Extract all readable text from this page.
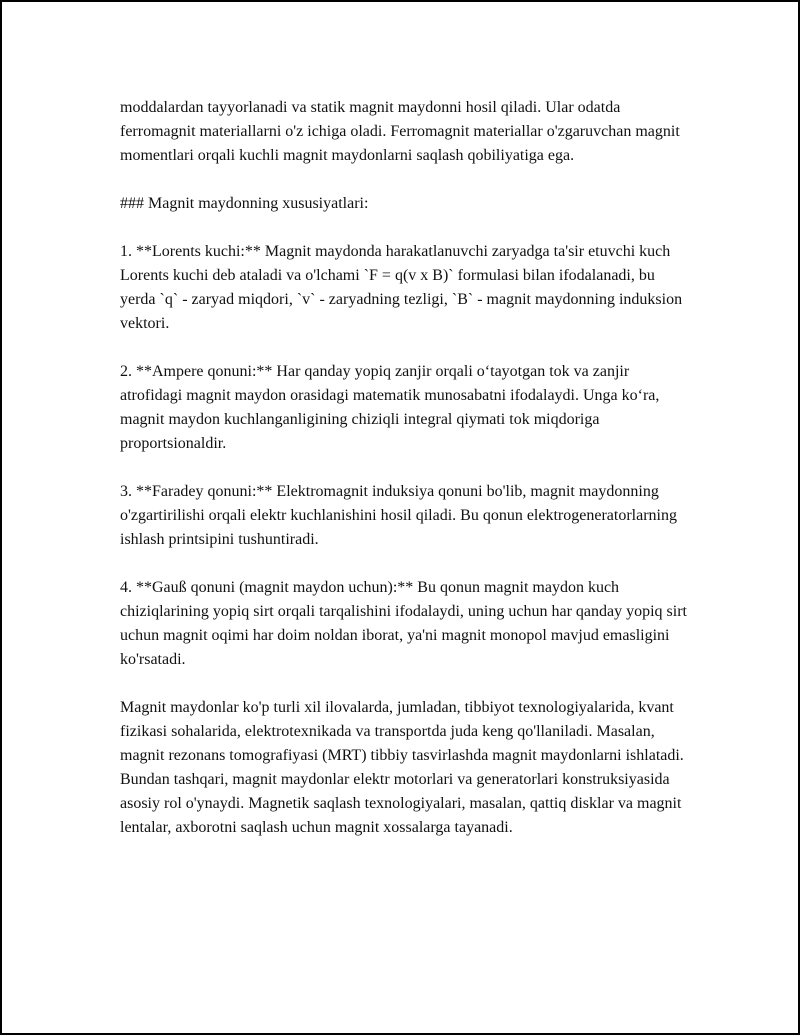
moddalardan tayyorlanadi va statik magnit maydonni hosil qiladi. Ular odatda ferromagnit materiallarni o'z ichiga oladi. Ferromagnit materiallar o'zgaruvchan magnit momentlari orqali kuchli magnit maydonlarni saqlash qobiliyatiga ega.

### Magnit maydonning xususiyatlari:

1. **Lorents kuchi:** Magnit maydonda harakatlanuvchi zaryadga ta'sir etuvchi kuch Lorents kuchi deb ataladi va o'lchami `F = q(v x B)` formulasi bilan ifodalanadi, bu yerda `q` - zaryad miqdori, `v` - zaryadning tezligi, `B` - magnit maydonning induksion vektori.

2. **Ampere qonuni:** Har qanday yopiq zanjir orqali o‘tayotgan tok va zanjir atrofidagi magnit maydon orasidagi matematik munosabatni ifodalaydi. Unga ko‘ra, magnit maydon kuchlanganligining chiziqli integral qiymati tok miqdoriga proportsionaldir.

3. **Faradey qonuni:** Elektromagnit induksiya qonuni bo'lib, magnit maydonning o'zgartirilishi orqali elektr kuchlanishini hosil qiladi. Bu qonun elektrogeneratorlarning ishlash printsipini tushuntiradi.

4. **Gauß qonuni (magnit maydon uchun):** Bu qonun magnit maydon kuch chiziqlarining yopiq sirt orqali tarqalishini ifodalaydi, uning uchun har qanday yopiq sirt uchun magnit oqimi har doim noldan iborat, ya'ni magnit monopol mavjud emasligini ko'rsatadi.

Magnit maydonlar ko'p turli xil ilovalarda, jumladan, tibbiyot texnologiyalarida, kvant fizikasi sohalarida, elektrotexnikada va transportda juda keng qo'llaniladi. Masalan, magnit rezonans tomografiyasi (MRT) tibbiy tasvirlashda magnit maydonlarni ishlatadi. Bundan tashqari, magnit maydonlar elektr motorlari va generatorlari konstruksiyasida asosiy rol o'ynaydi. Magnetik saqlash texnologiyalari, masalan, qattiq disklar va magnit lentalar, axborotni saqlash uchun magnit xossalarga tayanadi.
